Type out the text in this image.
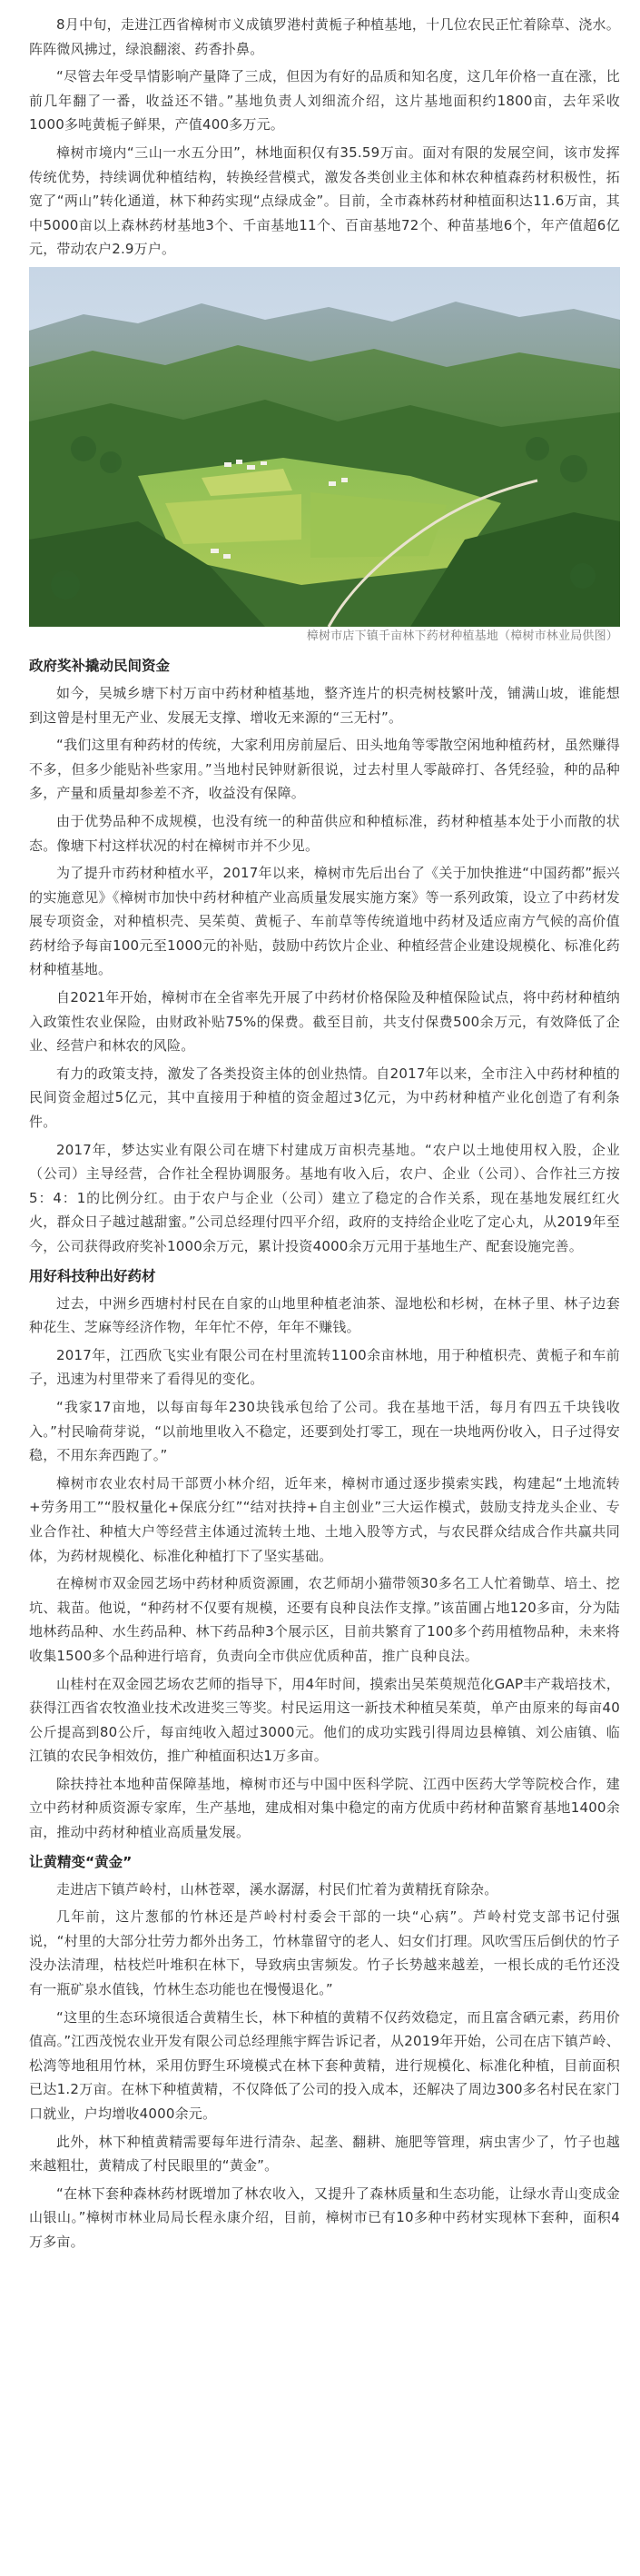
8月中旬，走进江西省樟树市义成镇罗港村黄栀子种植基地，十几位农民正忙着除草、浇水。阵阵微风拂过，绿浪翻滚、药香扑鼻。

“尽管去年受旱情影响产量降了三成，但因为有好的品质和知名度，这几年价格一直在涨，比前几年翻了一番，收益还不错。”基地负责人刘细流介绍，这片基地面积约1800亩，去年采收1000多吨黄栀子鲜果，产值400多万元。

樟树市境内“三山一水五分田”，林地面积仅有35.59万亩。面对有限的发展空间，该市发挥传统优势，持续调优种植结构，转换经营模式，激发各类创业主体和林农种植森药材积极性，拓宽了“两山”转化通道，林下种药实现“点绿成金”。目前，全市森林药材种植面积达11.6万亩，其中5000亩以上森林药材基地3个、千亩基地11个、百亩基地72个、种苗基地6个，年产值超6亿元，带动农户2.9万户。

樟树市店下镇千亩林下药材种植基地（樟树市林业局供图）

政府奖补撬动民间资金

如今，吴城乡塘下村万亩中药材种植基地，整齐连片的枳壳树枝繁叶茂，铺满山坡，谁能想到这曾是村里无产业、发展无支撑、增收无来源的“三无村”。

“我们这里有种药材的传统，大家利用房前屋后、田头地角等零散空闲地种植药材，虽然赚得不多，但多少能贴补些家用。”当地村民钟财新很说，过去村里人零敲碎打、各凭经验，种的品种多，产量和质量却参差不齐，收益没有保障。

由于优势品种不成规模，也没有统一的种苗供应和种植标准，药材种植基本处于小而散的状态。像塘下村这样状况的村在樟树市并不少见。

为了提升市药材种植水平，2017年以来，樟树市先后出台了《关于加快推进“中国药都”振兴的实施意见》《樟树市加快中药材种植产业高质量发展实施方案》等一系列政策，设立了中药材发展专项资金，对种植枳壳、吴茱萸、黄栀子、车前草等传统道地中药材及适应南方气候的高价值药材给予每亩100元至1000元的补贴，鼓励中药饮片企业、种植经营企业建设规模化、标准化药材种植基地。

自2021年开始，樟树市在全省率先开展了中药材价格保险及种植保险试点，将中药材种植纳入政策性农业保险，由财政补贴75%的保费。截至目前，共支付保费500余万元，有效降低了企业、经营户和林农的风险。

有力的政策支持，激发了各类投资主体的创业热情。自2017年以来，全市注入中药材种植的民间资金超过5亿元，其中直接用于种植的资金超过3亿元，为中药材种植产业化创造了有利条件。

2017年，梦达实业有限公司在塘下村建成万亩枳壳基地。“农户以土地使用权入股，企业（公司）主导经营，合作社全程协调服务。基地有收入后，农户、企业（公司）、合作社三方按5：4：1的比例分红。由于农户与企业（公司）建立了稳定的合作关系，现在基地发展红红火火，群众日子越过越甜蜜。”公司总经理付四平介绍，政府的支持给企业吃了定心丸，从2019年至今，公司获得政府奖补1000余万元，累计投资4000余万元用于基地生产、配套设施完善。

用好科技种出好药材

过去，中洲乡西塘村村民在自家的山地里种植老油茶、湿地松和杉树，在林子里、林子边套种花生、芝麻等经济作物，年年忙不停，年年不赚钱。

2017年，江西欣飞实业有限公司在村里流转1100余亩林地，用于种植枳壳、黄栀子和车前子，迅速为村里带来了看得见的变化。

“我家17亩地，以每亩每年230块钱承包给了公司。我在基地干活，每月有四五千块钱收入。”村民喻荷芽说，“以前地里收入不稳定，还要到处打零工，现在一块地两份收入，日子过得安稳，不用东奔西跑了。”

樟树市农业农村局干部贾小林介绍，近年来，樟树市通过逐步摸索实践，构建起“土地流转+劳务用工”“股权量化+保底分红”“结对扶持+自主创业”三大运作模式，鼓励支持龙头企业、专业合作社、种植大户等经营主体通过流转土地、土地入股等方式，与农民群众结成合作共赢共同体，为药材规模化、标准化种植打下了坚实基础。

在樟树市双金园艺场中药材种质资源圃，农艺师胡小猫带领30多名工人忙着锄草、培土、挖坑、栽苗。他说，“种药材不仅要有规模，还要有良种良法作支撑。”该苗圃占地120多亩，分为陆地林药品种、水生药品种、林下药品种3个展示区，目前共繁育了100多个药用植物品种，未来将收集1500多个品种进行培育，负责向全市供应优质种苗，推广良种良法。

山桂村在双金园艺场农艺师的指导下，用4年时间，摸索出吴茱萸规范化GAP丰产栽培技术，获得江西省农牧渔业技术改进奖三等奖。村民运用这一新技术种植吴茱萸，单产由原来的每亩40公斤提高到80公斤，每亩纯收入超过3000元。他们的成功实践引得周边县樟镇、刘公庙镇、临江镇的农民争相效仿，推广种植面积达1万多亩。

除扶持社本地种苗保障基地，樟树市还与中国中医科学院、江西中医药大学等院校合作，建立中药材种质资源专家库，生产基地，建成相对集中稳定的南方优质中药材种苗繁育基地1400余亩，推动中药材种植业高质量发展。

让黄精变“黄金”

走进店下镇芦岭村，山林苍翠，溪水潺潺，村民们忙着为黄精抚育除杂。

几年前，这片葱郁的竹林还是芦岭村村委会干部的一块“心病”。芦岭村党支部书记付强说，“村里的大部分壮劳力都外出务工，竹林靠留守的老人、妇女们打理。风吹雪压后倒伏的竹子没办法清理，枯枝烂叶堆积在林下，导致病虫害频发。竹子长势越来越差，一根长成的毛竹还没有一瓶矿泉水值钱，竹林生态功能也在慢慢退化。”

“这里的生态环境很适合黄精生长，林下种植的黄精不仅药效稳定，而且富含硒元素，药用价值高。”江西茂悦农业开发有限公司总经理熊宇辉告诉记者，从2019年开始，公司在店下镇芦岭、松湾等地租用竹林，采用仿野生环境模式在林下套种黄精，进行规模化、标准化种植，目前面积已达1.2万亩。在林下种植黄精，不仅降低了公司的投入成本，还解决了周边300多名村民在家门口就业，户均增收4000余元。

此外，林下种植黄精需要每年进行清杂、起垄、翻耕、施肥等管理，病虫害少了，竹子也越来越粗壮，黄精成了村民眼里的“黄金”。

“在林下套种森林药材既增加了林农收入，又提升了森林质量和生态功能，让绿水青山变成金山银山。”樟树市林业局局长程永康介绍，目前，樟树市已有10多种中药材实现林下套种，面积4万多亩。
